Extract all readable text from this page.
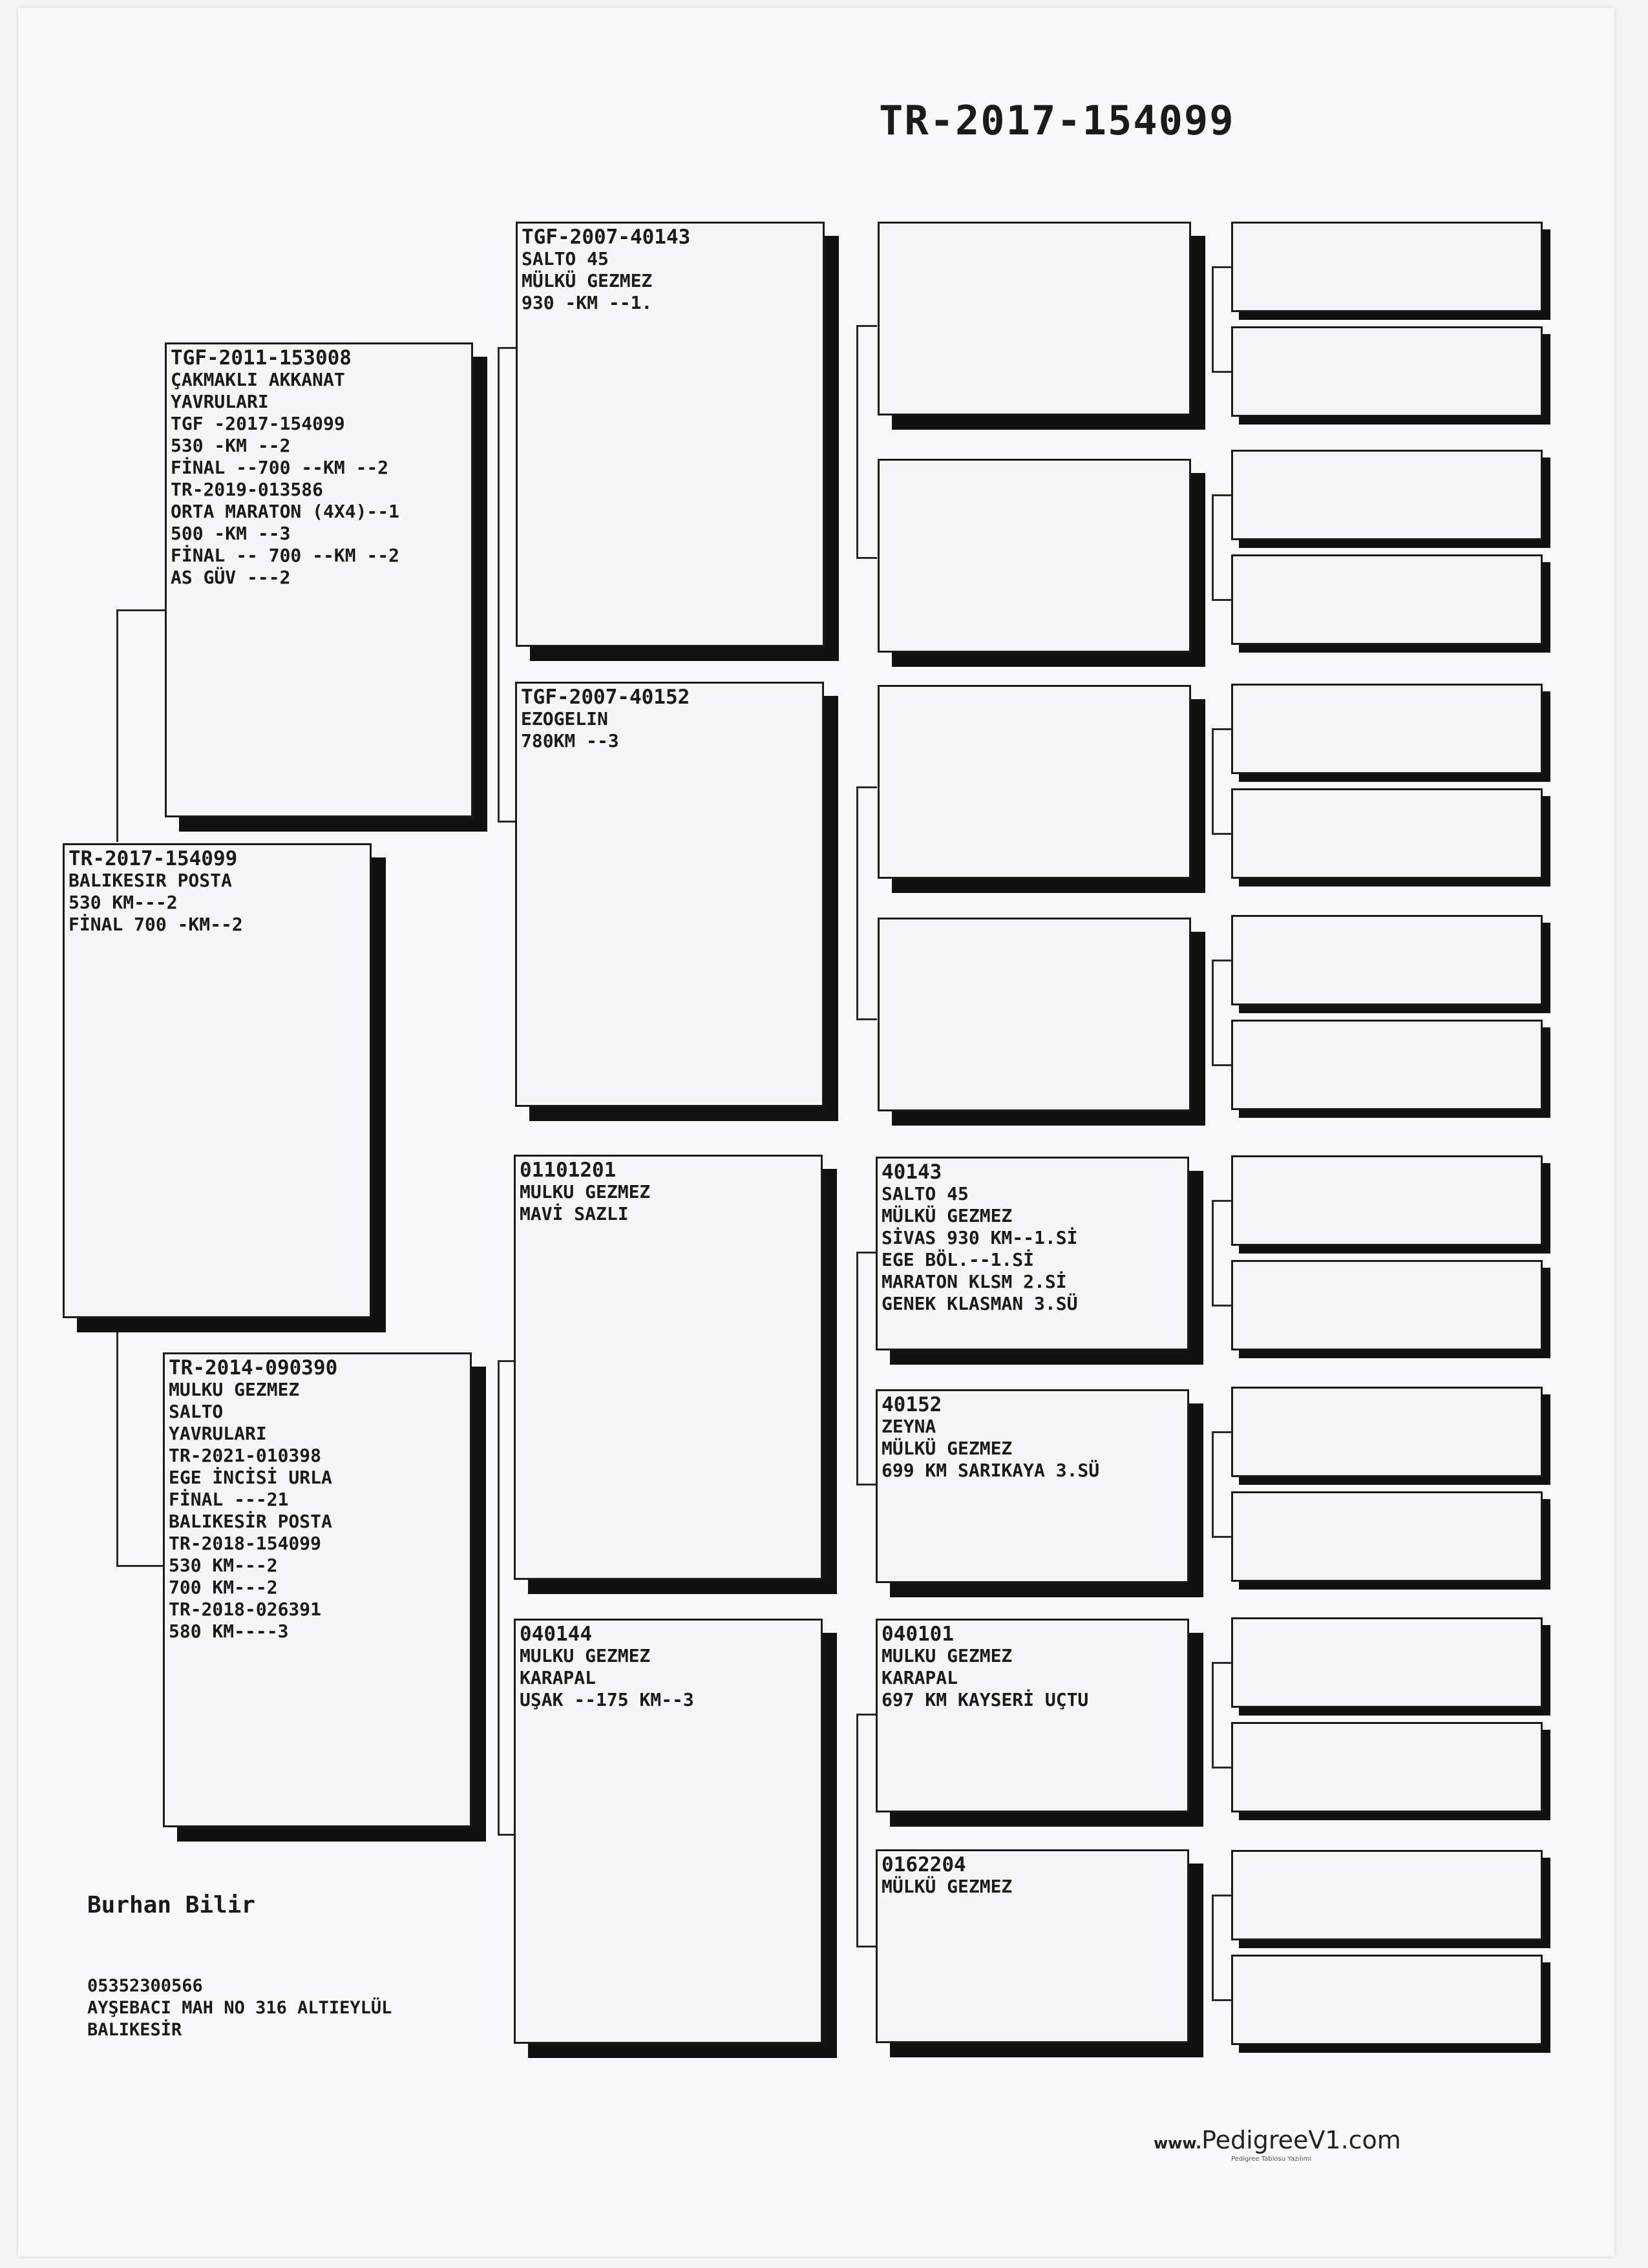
TR-2017-154099
TR-2017-154099
BALIKESIR POSTA
530 KM---2
FİNAL 700 -KM--2
TGF-2011-153008
ÇAKMAKLI AKKANAT
YAVRULARI
TGF -2017-154099
530 -KM --2
FİNAL --700 --KM --2
TR-2019-013586
ORTA MARATON (4X4)--1
500 -KM --3
FİNAL -- 700 --KM --2
AS GÜV ---2
TR-2014-090390
MULKU GEZMEZ
SALTO
YAVRULARI
TR-2021-010398
EGE İNCİSİ URLA
FİNAL ---21
BALIKESİR POSTA
TR-2018-154099
530 KM---2
700 KM---2
TR-2018-026391
580 KM----3
TGF-2007-40143
SALTO 45
MÜLKÜ GEZMEZ
930 -KM --1.
TGF-2007-40152
EZOGELIN
780KM --3
01101201
MULKU GEZMEZ
MAVİ SAZLI
040144
MULKU GEZMEZ
KARAPAL
UŞAK --175 KM--3
40143
SALTO 45
MÜLKÜ GEZMEZ
SİVAS 930 KM--1.Sİ
EGE BÖL.--1.Sİ
MARATON KLSM 2.Sİ
GENEK KLASMAN 3.SÜ
40152
ZEYNA
MÜLKÜ GEZMEZ
699 KM SARIKAYA 3.SÜ
040101
MULKU GEZMEZ
KARAPAL
697 KM KAYSERİ UÇTU
0162204
MÜLKÜ GEZMEZ
Burhan Bilir
05352300566
AYŞEBACI MAH NO 316 ALTIEYLÜL
BALIKESİR
www.PedigreeV1.com
Pedigree Tablosu Yazılımı
